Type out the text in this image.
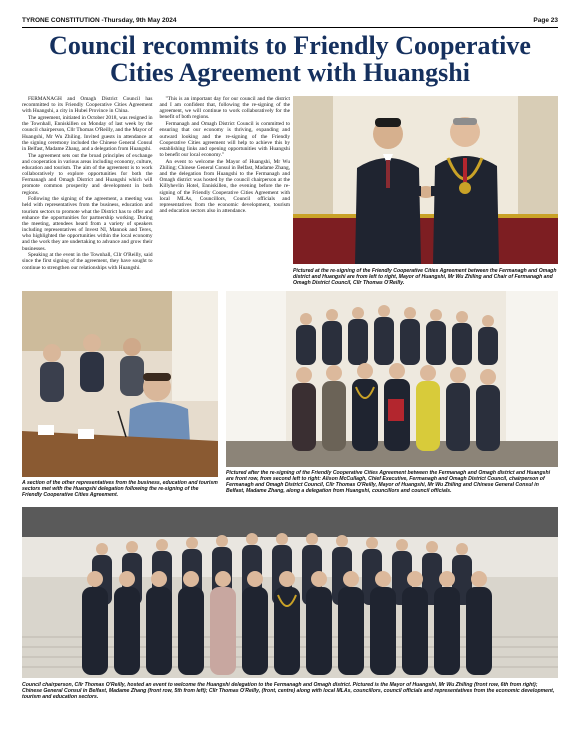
TYRONE CONSTITUTION -Thursday, 9th May 2024	Page 23
Council recommits to Friendly Cooperative Cities Agreement with Huangshi

FERMANAGH and Omagh District Council has recommitted to its Friendly Cooperative Cities Agreement with Huangshi, a city in Hubei Province in China.

The agreement, initiated in October 2018, was resigned in the Townhall, Enniskillen on Monday of last week by the council chairperson, Cllr Thomas O'Reilly, and the Mayor of Huangshi, Mr Wu Zhiling. Invited guests in attendance at the signing ceremony included the Chinese General Consul in Belfast, Madame Zhang, and a delegation from Huangshi.

The agreement sets out the broad principles of exchange and cooperation in various areas including economy, culture, education and tourism. The aim of the agreement is to work collaboratively to explore opportunities for both the Fermanagh and Omagh District and Huangshi which will promote common prosperity and development in both regions.

Following the signing of the agreement, a meeting was held with representatives from the business, education and tourism sectors to promote what the District has to offer and enhance the opportunities for partnership working. During the meeting, attendees heard from a variety of speakers including representatives of Invest NI, Mannok and Terex, who highlighted the opportunities within the local economy and the work they are undertaking to advance and grow their businesses.

Speaking at the event in the Townhall, Cllr O'Reilly, said since the first signing of the agreement, they have sought to continue to strengthen our relationships with Huangshi.

"This is an important day for our council and the district and I am confident that, following the re-signing of the agreement, we will continue to work collaboratively for the benefit of both regions.

Fermanagh and Omagh District Council is committed to ensuring that our economy is thriving, expanding and outward looking and the re-signing of the Friendly Cooperative Cities agreement will help to achieve this by establishing links and opening opportunities with Huangshi to benefit our local economy."

An event to welcome the Mayor of Huangshi, Mr Wu Zhiling; Chinese General Consul in Belfast, Madame Zhang, and the delegation from Huangshi to the Fermanagh and Omagh district was hosted by the council chairperson at the Killyhevlin Hotel, Enniskillen, the evening before the re-signing of the Friendly Cooperative Cities Agreement with local MLAs, Councillors, Council officials and representatives from the economic development, tourism and education sectors also in attendance.

Pictured at the re-signing of the Friendly Cooperative Cities Agreement between the Fermanagh and Omagh district and Huangshi are from left to right, Mayor of Huangshi, Mr Wu Zhiling and Chair of Fermanagh and Omagh District Council, Cllr Thomas O'Reilly.
A section of the other representatives from the business, education and tourism sectors met with the Huangshi delegation following the re-signing of the Friendly Cooperative Cities Agreement.
Pictured after the re-signing of the Friendly Cooperative Cities Agreement between the Fermanagh and Omagh district and Huangshi are front row, from second left to right: Alison McCullagh, Chief Executive, Fermanagh and Omagh District Council, chairperson of Fermanagh and Omagh District Council, Cllr Thomas O'Reilly, Mayor of Huangshi, Mr Wu Zhiling and Chinese General Consul in Belfast, Madame Zhang, along a delegation from Huangshi, councillors and council officials.
Council chairperson, Cllr Thomas O'Reilly, hosted an event to welcome the Huangshi delegation to the Fermanagh and Omagh district. Pictured is the Mayor of Huangshi, Mr Wu Zhiling (front row, 6th from right); Chinese General Consul in Belfast, Madame Zhang (front row, 5th from left); Cllr Thomas O'Reilly, (front, centre) along with local MLAs, councillors, council officials and representatives from the economic development, tourism and education sectors.
